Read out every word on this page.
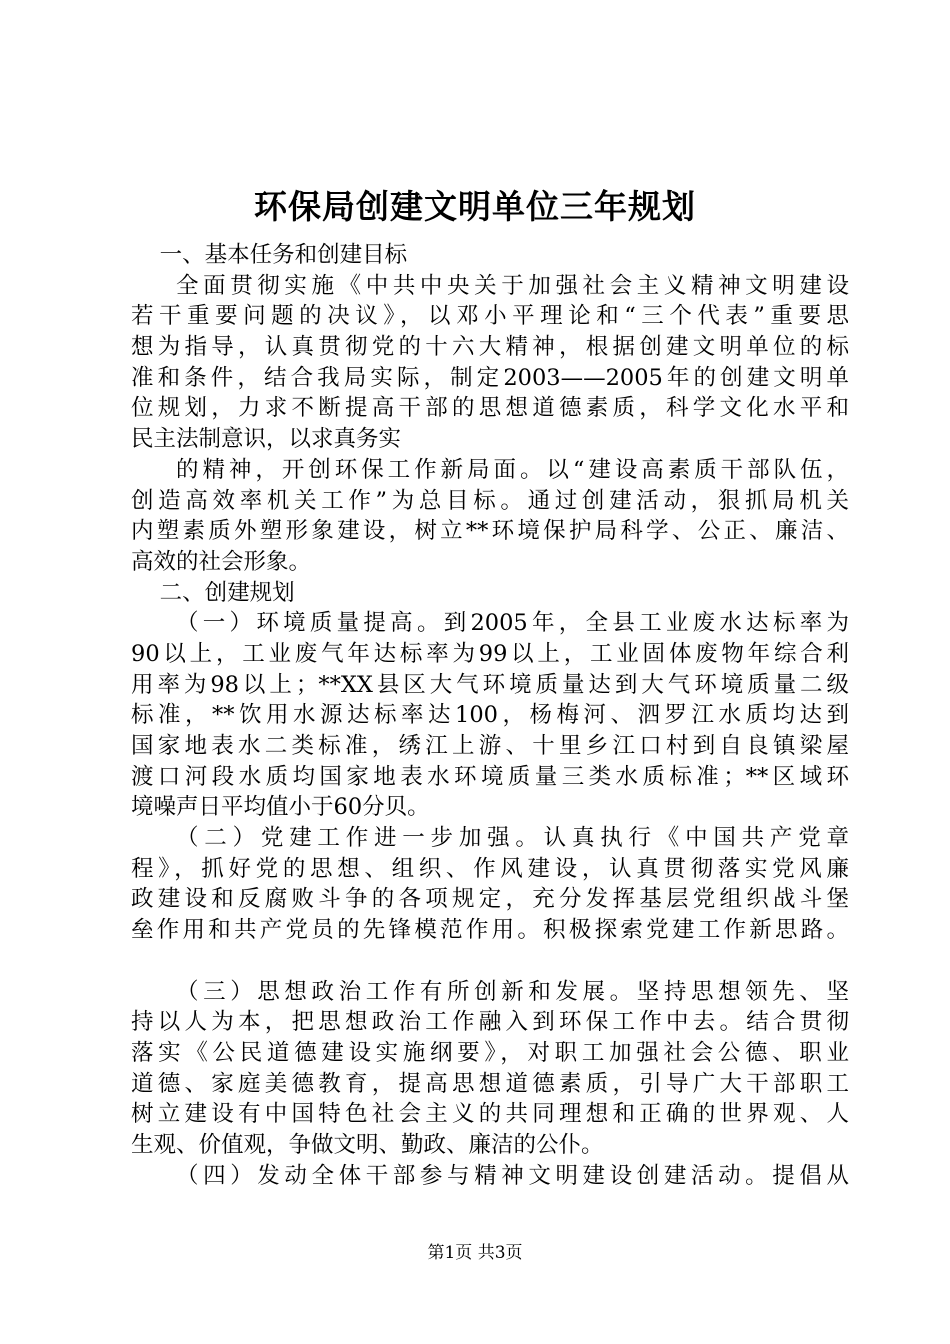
环保局创建文明单位三年规划
一、基本任务和创建目标
全面贯彻实施《中共中央关于加强社会主义精神文明建设
若干重要问题的决议》，以邓小平理论和“三个代表”重要思
想为指导，认真贯彻党的十六大精神，根据创建文明单位的标
准和条件，结合我局实际，制定2003——2005年的创建文明单
位规划，力求不断提高干部的思想道德素质，科学文化水平和
民主法制意识，以求真务实
的精神，开创环保工作新局面。以“建设高素质干部队伍，
创造高效率机关工作”为总目标。通过创建活动，狠抓局机关
内塑素质外塑形象建设，树立**环境保护局科学、公正、廉洁、
高效的社会形象。
二、创建规划
（一）环境质量提高。到2005年，全县工业废水达标率为
90以上，工业废气年达标率为99以上，工业固体废物年综合利
用率为98以上；**XX县区大气环境质量达到大气环境质量二级
标准，**饮用水源达标率达100，杨梅河、泗罗江水质均达到
国家地表水二类标准，绣江上游、十里乡江口村到自良镇梁屋
渡口河段水质均国家地表水环境质量三类水质标准；**区域环
境噪声日平均值小于60分贝。
（二）党建工作进一步加强。认真执行《中国共产党章
程》，抓好党的思想、组织、作风建设，认真贯彻落实党风廉
政建设和反腐败斗争的各项规定，充分发挥基层党组织战斗堡
垒作用和共产党员的先锋模范作用。积极探索党建工作新思路。
（三）思想政治工作有所创新和发展。坚持思想领先、坚
持以人为本，把思想政治工作融入到环保工作中去。结合贯彻
落实《公民道德建设实施纲要》，对职工加强社会公德、职业
道德、家庭美德教育，提高思想道德素质，引导广大干部职工
树立建设有中国特色社会主义的共同理想和正确的世界观、人
生观、价值观，争做文明、勤政、廉洁的公仆。
（四）发动全体干部参与精神文明建设创建活动。提倡从
第1页 共3页
